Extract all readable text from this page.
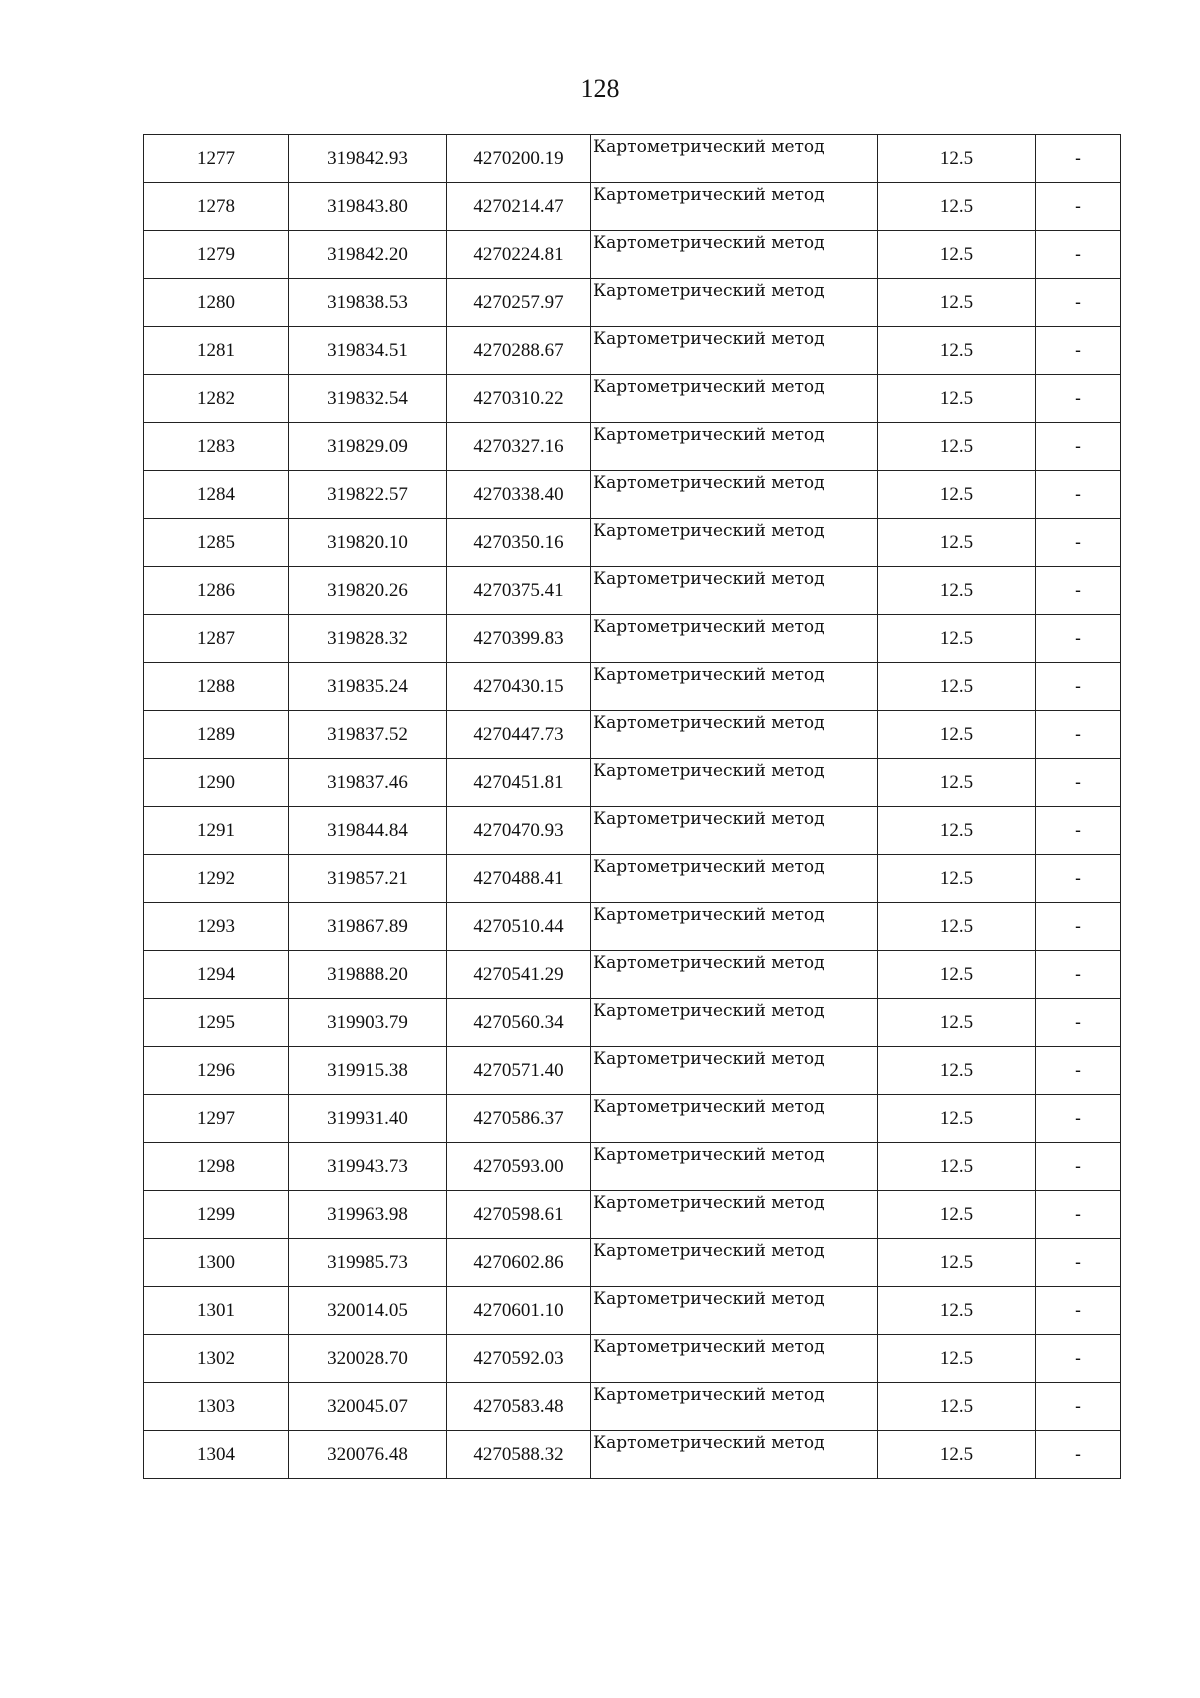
128
1277	319842.93	4270200.19	Картометрический метод	12.5	-
1278	319843.80	4270214.47	Картометрический метод	12.5	-
1279	319842.20	4270224.81	Картометрический метод	12.5	-
1280	319838.53	4270257.97	Картометрический метод	12.5	-
1281	319834.51	4270288.67	Картометрический метод	12.5	-
1282	319832.54	4270310.22	Картометрический метод	12.5	-
1283	319829.09	4270327.16	Картометрический метод	12.5	-
1284	319822.57	4270338.40	Картометрический метод	12.5	-
1285	319820.10	4270350.16	Картометрический метод	12.5	-
1286	319820.26	4270375.41	Картометрический метод	12.5	-
1287	319828.32	4270399.83	Картометрический метод	12.5	-
1288	319835.24	4270430.15	Картометрический метод	12.5	-
1289	319837.52	4270447.73	Картометрический метод	12.5	-
1290	319837.46	4270451.81	Картометрический метод	12.5	-
1291	319844.84	4270470.93	Картометрический метод	12.5	-
1292	319857.21	4270488.41	Картометрический метод	12.5	-
1293	319867.89	4270510.44	Картометрический метод	12.5	-
1294	319888.20	4270541.29	Картометрический метод	12.5	-
1295	319903.79	4270560.34	Картометрический метод	12.5	-
1296	319915.38	4270571.40	Картометрический метод	12.5	-
1297	319931.40	4270586.37	Картометрический метод	12.5	-
1298	319943.73	4270593.00	Картометрический метод	12.5	-
1299	319963.98	4270598.61	Картометрический метод	12.5	-
1300	319985.73	4270602.86	Картометрический метод	12.5	-
1301	320014.05	4270601.10	Картометрический метод	12.5	-
1302	320028.70	4270592.03	Картометрический метод	12.5	-
1303	320045.07	4270583.48	Картометрический метод	12.5	-
1304	320076.48	4270588.32	Картометрический метод	12.5	-
